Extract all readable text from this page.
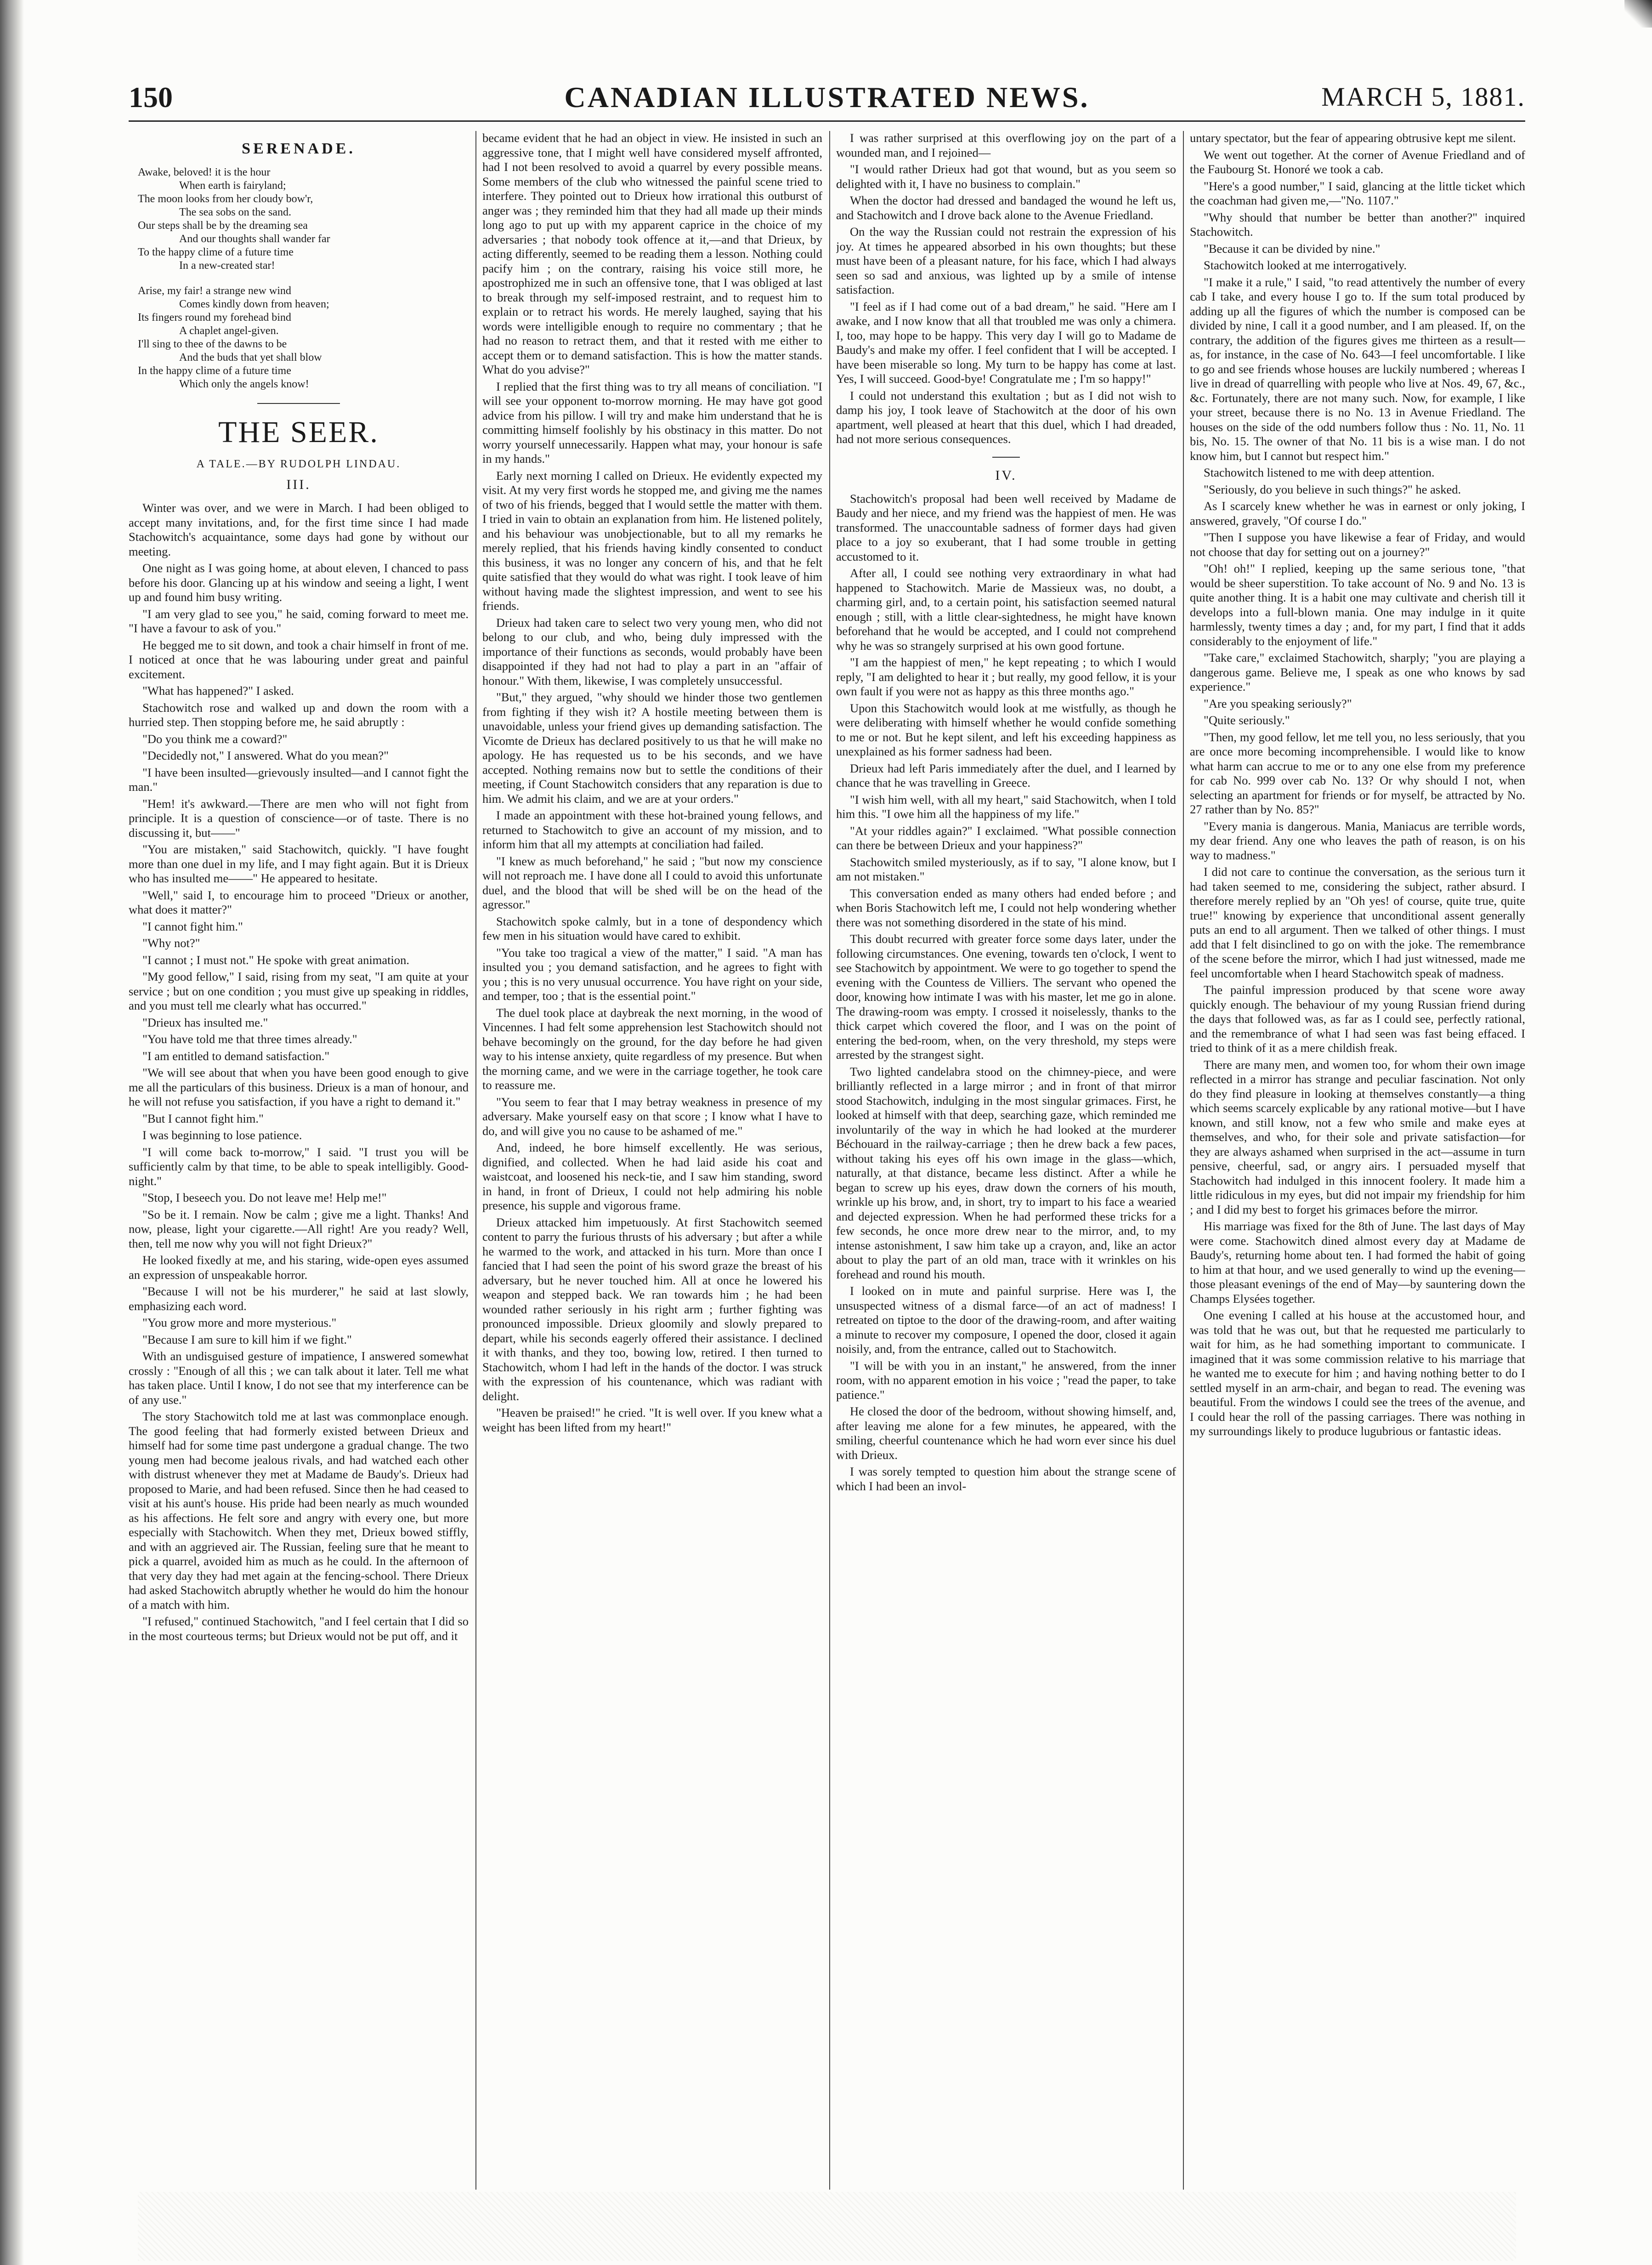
150	CANADIAN ILLUSTRATED NEWS.	MARCH 5, 1881.
SERENADE.

Awake, beloved! it is the hour

When earth is fairyland;

The moon looks from her cloudy bow'r,

The sea sobs on the sand.

Our steps shall be by the dreaming sea

And our thoughts shall wander far

To the happy clime of a future time

In a new-created star!

Arise, my fair! a strange new wind

Comes kindly down from heaven;

Its fingers round my forehead bind

A chaplet angel-given.

I'll sing to thee of the dawns to be

And the buds that yet shall blow

In the happy clime of a future time

Which only the angels know!

THE SEER.
A TALE.—BY RUDOLPH LINDAU.
III.

Winter was over, and we were in March. I had been obliged to accept many invitations, and, for the first time since I had made Stachowitch's acquaintance, some days had gone by without our meeting.

One night as I was going home, at about eleven, I chanced to pass before his door. Glancing up at his window and seeing a light, I went up and found him busy writing.

"I am very glad to see you," he said, coming forward to meet me. "I have a favour to ask of you."

He begged me to sit down, and took a chair himself in front of me. I noticed at once that he was labouring under great and painful excitement.

"What has happened?" I asked.

Stachowitch rose and walked up and down the room with a hurried step. Then stopping before me, he said abruptly :

"Do you think me a coward?"

"Decidedly not," I answered. What do you mean?"

"I have been insulted—grievously insulted—and I cannot fight the man."

"Hem! it's awkward.—There are men who will not fight from principle. It is a question of conscience—or of taste. There is no discussing it, but——"

"You are mistaken," said Stachowitch, quickly. "I have fought more than one duel in my life, and I may fight again. But it is Drieux who has insulted me——" He appeared to hesitate.

"Well," said I, to encourage him to proceed "Drieux or another, what does it matter?"

"I cannot fight him."

"Why not?"

"I cannot ; I must not." He spoke with great animation.

"My good fellow," I said, rising from my seat, "I am quite at your service ; but on one condition ; you must give up speaking in riddles, and you must tell me clearly what has occurred."

"Drieux has insulted me."

"You have told me that three times already."

"I am entitled to demand satisfaction."

"We will see about that when you have been good enough to give me all the particulars of this business. Drieux is a man of honour, and he will not refuse you satisfaction, if you have a right to demand it."

"But I cannot fight him."

I was beginning to lose patience.

"I will come back to-morrow," I said. "I trust you will be sufficiently calm by that time, to be able to speak intelligibly. Good-night."

"Stop, I beseech you. Do not leave me! Help me!"

"So be it. I remain. Now be calm ; give me a light. Thanks! And now, please, light your cigarette.—All right! Are you ready? Well, then, tell me now why you will not fight Drieux?"

He looked fixedly at me, and his staring, wide-open eyes assumed an expression of unspeakable horror.

"Because I will not be his murderer," he said at last slowly, emphasizing each word.

"You grow more and more mysterious."

"Because I am sure to kill him if we fight."

With an undisguised gesture of impatience, I answered somewhat crossly : "Enough of all this ; we can talk about it later. Tell me what has taken place. Until I know, I do not see that my interference can be of any use."

The story Stachowitch told me at last was commonplace enough. The good feeling that had formerly existed between Drieux and himself had for some time past undergone a gradual change. The two young men had become jealous rivals, and had watched each other with distrust whenever they met at Madame de Baudy's. Drieux had proposed to Marie, and had been refused. Since then he had ceased to visit at his aunt's house. His pride had been nearly as much wounded as his affections. He felt sore and angry with every one, but more especially with Stachowitch. When they met, Drieux bowed stiffly, and with an aggrieved air. The Russian, feeling sure that he meant to pick a quarrel, avoided him as much as he could. In the afternoon of that very day they had met again at the fencing-school. There Drieux had asked Stachowitch abruptly whether he would do him the honour of a match with him.

"I refused," continued Stachowitch, "and I feel certain that I did so in the most courteous terms; but Drieux would not be put off, and it

became evident that he had an object in view. He insisted in such an aggressive tone, that I might well have considered myself affronted, had I not been resolved to avoid a quarrel by every possible means. Some members of the club who witnessed the painful scene tried to interfere. They pointed out to Drieux how irrational this outburst of anger was ; they reminded him that they had all made up their minds long ago to put up with my apparent caprice in the choice of my adversaries ; that nobody took offence at it,—and that Drieux, by acting differently, seemed to be reading them a lesson. Nothing could pacify him ; on the contrary, raising his voice still more, he apostrophized me in such an offensive tone, that I was obliged at last to break through my self-imposed restraint, and to request him to explain or to retract his words. He merely laughed, saying that his words were intelligible enough to require no commentary ; that he had no reason to retract them, and that it rested with me either to accept them or to demand satisfaction. This is how the matter stands. What do you advise?"

I replied that the first thing was to try all means of conciliation. "I will see your opponent to-morrow morning. He may have got good advice from his pillow. I will try and make him understand that he is committing himself foolishly by his obstinacy in this matter. Do not worry yourself unnecessarily. Happen what may, your honour is safe in my hands."

Early next morning I called on Drieux. He evidently expected my visit. At my very first words he stopped me, and giving me the names of two of his friends, begged that I would settle the matter with them. I tried in vain to obtain an explanation from him. He listened politely, and his behaviour was unobjectionable, but to all my remarks he merely replied, that his friends having kindly consented to conduct this business, it was no longer any concern of his, and that he felt quite satisfied that they would do what was right. I took leave of him without having made the slightest impression, and went to see his friends.

Drieux had taken care to select two very young men, who did not belong to our club, and who, being duly impressed with the importance of their functions as seconds, would probably have been disappointed if they had not had to play a part in an "affair of honour." With them, likewise, I was completely unsuccessful.

"But," they argued, "why should we hinder those two gentlemen from fighting if they wish it? A hostile meeting between them is unavoidable, unless your friend gives up demanding satisfaction. The Vicomte de Drieux has declared positively to us that he will make no apology. He has requested us to be his seconds, and we have accepted. Nothing remains now but to settle the conditions of their meeting, if Count Stachowitch considers that any reparation is due to him. We admit his claim, and we are at your orders."

I made an appointment with these hot-brained young fellows, and returned to Stachowitch to give an account of my mission, and to inform him that all my attempts at conciliation had failed.

"I knew as much beforehand," he said ; "but now my conscience will not reproach me. I have done all I could to avoid this unfortunate duel, and the blood that will be shed will be on the head of the agressor."

Stachowitch spoke calmly, but in a tone of despondency which few men in his situation would have cared to exhibit.

"You take too tragical a view of the matter," I said. "A man has insulted you ; you demand satisfaction, and he agrees to fight with you ; this is no very unusual occurrence. You have right on your side, and temper, too ; that is the essential point."

The duel took place at daybreak the next morning, in the wood of Vincennes. I had felt some apprehension lest Stachowitch should not behave becomingly on the ground, for the day before he had given way to his intense anxiety, quite regardless of my presence. But when the morning came, and we were in the carriage together, he took care to reassure me.

"You seem to fear that I may betray weakness in presence of my adversary. Make yourself easy on that score ; I know what I have to do, and will give you no cause to be ashamed of me."

And, indeed, he bore himself excellently. He was serious, dignified, and collected. When he had laid aside his coat and waistcoat, and loosened his neck-tie, and I saw him standing, sword in hand, in front of Drieux, I could not help admiring his noble presence, his supple and vigorous frame.

Drieux attacked him impetuously. At first Stachowitch seemed content to parry the furious thrusts of his adversary ; but after a while he warmed to the work, and attacked in his turn. More than once I fancied that I had seen the point of his sword graze the breast of his adversary, but he never touched him. All at once he lowered his weapon and stepped back. We ran towards him ; he had been wounded rather seriously in his right arm ; further fighting was pronounced impossible. Drieux gloomily and slowly prepared to depart, while his seconds eagerly offered their assistance. I declined it with thanks, and they too, bowing low, retired. I then turned to Stachowitch, whom I had left in the hands of the doctor. I was struck with the expression of his countenance, which was radiant with delight.

"Heaven be praised!" he cried. "It is well over. If you knew what a weight has been lifted from my heart!"

I was rather surprised at this overflowing joy on the part of a wounded man, and I rejoined—

"I would rather Drieux had got that wound, but as you seem so delighted with it, I have no business to complain."

When the doctor had dressed and bandaged the wound he left us, and Stachowitch and I drove back alone to the Avenue Friedland.

On the way the Russian could not restrain the expression of his joy. At times he appeared absorbed in his own thoughts; but these must have been of a pleasant nature, for his face, which I had always seen so sad and anxious, was lighted up by a smile of intense satisfaction.

"I feel as if I had come out of a bad dream," he said. "Here am I awake, and I now know that all that troubled me was only a chimera. I, too, may hope to be happy. This very day I will go to Madame de Baudy's and make my offer. I feel confident that I will be accepted. I have been miserable so long. My turn to be happy has come at last. Yes, I will succeed. Good-bye! Congratulate me ; I'm so happy!"

I could not understand this exultation ; but as I did not wish to damp his joy, I took leave of Stachowitch at the door of his own apartment, well pleased at heart that this duel, which I had dreaded, had not more serious consequences.

IV.

Stachowitch's proposal had been well received by Madame de Baudy and her niece, and my friend was the happiest of men. He was transformed. The unaccountable sadness of former days had given place to a joy so exuberant, that I had some trouble in getting accustomed to it.

After all, I could see nothing very extraordinary in what had happened to Stachowitch. Marie de Massieux was, no doubt, a charming girl, and, to a certain point, his satisfaction seemed natural enough ; still, with a little clear-sightedness, he might have known beforehand that he would be accepted, and I could not comprehend why he was so strangely surprised at his own good fortune.

"I am the happiest of men," he kept repeating ; to which I would reply, "I am delighted to hear it ; but really, my good fellow, it is your own fault if you were not as happy as this three months ago."

Upon this Stachowitch would look at me wistfully, as though he were deliberating with himself whether he would confide something to me or not. But he kept silent, and left his exceeding happiness as unexplained as his former sadness had been.

Drieux had left Paris immediately after the duel, and I learned by chance that he was travelling in Greece.

"I wish him well, with all my heart," said Stachowitch, when I told him this. "I owe him all the happiness of my life."

"At your riddles again?" I exclaimed. "What possible connection can there be between Drieux and your happiness?"

Stachowitch smiled mysteriously, as if to say, "I alone know, but I am not mistaken."

This conversation ended as many others had ended before ; and when Boris Stachowitch left me, I could not help wondering whether there was not something disordered in the state of his mind.

This doubt recurred with greater force some days later, under the following circumstances. One evening, towards ten o'clock, I went to see Stachowitch by appointment. We were to go together to spend the evening with the Countess de Villiers. The servant who opened the door, knowing how intimate I was with his master, let me go in alone. The drawing-room was empty. I crossed it noiselessly, thanks to the thick carpet which covered the floor, and I was on the point of entering the bed-room, when, on the very threshold, my steps were arrested by the strangest sight.

Two lighted candelabra stood on the chimney-piece, and were brilliantly reflected in a large mirror ; and in front of that mirror stood Stachowitch, indulging in the most singular grimaces. First, he looked at himself with that deep, searching gaze, which reminded me involuntarily of the way in which he had looked at the murderer Béchouard in the railway-carriage ; then he drew back a few paces, without taking his eyes off his own image in the glass—which, naturally, at that distance, became less distinct. After a while he began to screw up his eyes, draw down the corners of his mouth, wrinkle up his brow, and, in short, try to impart to his face a wearied and dejected expression. When he had performed these tricks for a few seconds, he once more drew near to the mirror, and, to my intense astonishment, I saw him take up a crayon, and, like an actor about to play the part of an old man, trace with it wrinkles on his forehead and round his mouth.

I looked on in mute and painful surprise. Here was I, the unsuspected witness of a dismal farce—of an act of madness! I retreated on tiptoe to the door of the drawing-room, and after waiting a minute to recover my composure, I opened the door, closed it again noisily, and, from the entrance, called out to Stachowitch.

"I will be with you in an instant," he answered, from the inner room, with no apparent emotion in his voice ; "read the paper, to take patience."

He closed the door of the bedroom, without showing himself, and, after leaving me alone for a few minutes, he appeared, with the smiling, cheerful countenance which he had worn ever since his duel with Drieux.

I was sorely tempted to question him about the strange scene of which I had been an invol-

untary spectator, but the fear of appearing obtrusive kept me silent.

We went out together. At the corner of Avenue Friedland and of the Faubourg St. Honoré we took a cab.

"Here's a good number," I said, glancing at the little ticket which the coachman had given me,—"No. 1107."

"Why should that number be better than another?" inquired Stachowitch.

"Because it can be divided by nine."

Stachowitch looked at me interrogatively.

"I make it a rule," I said, "to read attentively the number of every cab I take, and every house I go to. If the sum total produced by adding up all the figures of which the number is composed can be divided by nine, I call it a good number, and I am pleased. If, on the contrary, the addition of the figures gives me thirteen as a result—as, for instance, in the case of No. 643—I feel uncomfortable. I like to go and see friends whose houses are luckily numbered ; whereas I live in dread of quarrelling with people who live at Nos. 49, 67, &c., &c. Fortunately, there are not many such. Now, for example, I like your street, because there is no No. 13 in Avenue Friedland. The houses on the side of the odd numbers follow thus : No. 11, No. 11 bis, No. 15. The owner of that No. 11 bis is a wise man. I do not know him, but I cannot but respect him."

Stachowitch listened to me with deep attention.

"Seriously, do you believe in such things?" he asked.

As I scarcely knew whether he was in earnest or only joking, I answered, gravely, "Of course I do."

"Then I suppose you have likewise a fear of Friday, and would not choose that day for setting out on a journey?"

"Oh! oh!" I replied, keeping up the same serious tone, "that would be sheer superstition. To take account of No. 9 and No. 13 is quite another thing. It is a habit one may cultivate and cherish till it develops into a full-blown mania. One may indulge in it quite harmlessly, twenty times a day ; and, for my part, I find that it adds considerably to the enjoyment of life."

"Take care," exclaimed Stachowitch, sharply; "you are playing a dangerous game. Believe me, I speak as one who knows by sad experience."

"Are you speaking seriously?"

"Quite seriously."

"Then, my good fellow, let me tell you, no less seriously, that you are once more becoming incomprehensible. I would like to know what harm can accrue to me or to any one else from my preference for cab No. 999 over cab No. 13? Or why should I not, when selecting an apartment for friends or for myself, be attracted by No. 27 rather than by No. 85?"

"Every mania is dangerous. Mania, Maniacus are terrible words, my dear friend. Any one who leaves the path of reason, is on his way to madness."

I did not care to continue the conversation, as the serious turn it had taken seemed to me, considering the subject, rather absurd. I therefore merely replied by an "Oh yes! of course, quite true, quite true!" knowing by experience that unconditional assent generally puts an end to all argument. Then we talked of other things. I must add that I felt disinclined to go on with the joke. The remembrance of the scene before the mirror, which I had just witnessed, made me feel uncomfortable when I heard Stachowitch speak of madness.

The painful impression produced by that scene wore away quickly enough. The behaviour of my young Russian friend during the days that followed was, as far as I could see, perfectly rational, and the remembrance of what I had seen was fast being effaced. I tried to think of it as a mere childish freak.

There are many men, and women too, for whom their own image reflected in a mirror has strange and peculiar fascination. Not only do they find pleasure in looking at themselves constantly—a thing which seems scarcely explicable by any rational motive—but I have known, and still know, not a few who smile and make eyes at themselves, and who, for their sole and private satisfaction—for they are always ashamed when surprised in the act—assume in turn pensive, cheerful, sad, or angry airs. I persuaded myself that Stachowitch had indulged in this innocent foolery. It made him a little ridiculous in my eyes, but did not impair my friendship for him ; and I did my best to forget his grimaces before the mirror.

His marriage was fixed for the 8th of June. The last days of May were come. Stachowitch dined almost every day at Madame de Baudy's, returning home about ten. I had formed the habit of going to him at that hour, and we used generally to wind up the evening—those pleasant evenings of the end of May—by sauntering down the Champs Elysées together.

One evening I called at his house at the accustomed hour, and was told that he was out, but that he requested me particularly to wait for him, as he had something important to communicate. I imagined that it was some commission relative to his marriage that he wanted me to execute for him ; and having nothing better to do I settled myself in an arm-chair, and began to read. The evening was beautiful. From the windows I could see the trees of the avenue, and I could hear the roll of the passing carriages. There was nothing in my surroundings likely to produce lugubrious or fantastic ideas.
